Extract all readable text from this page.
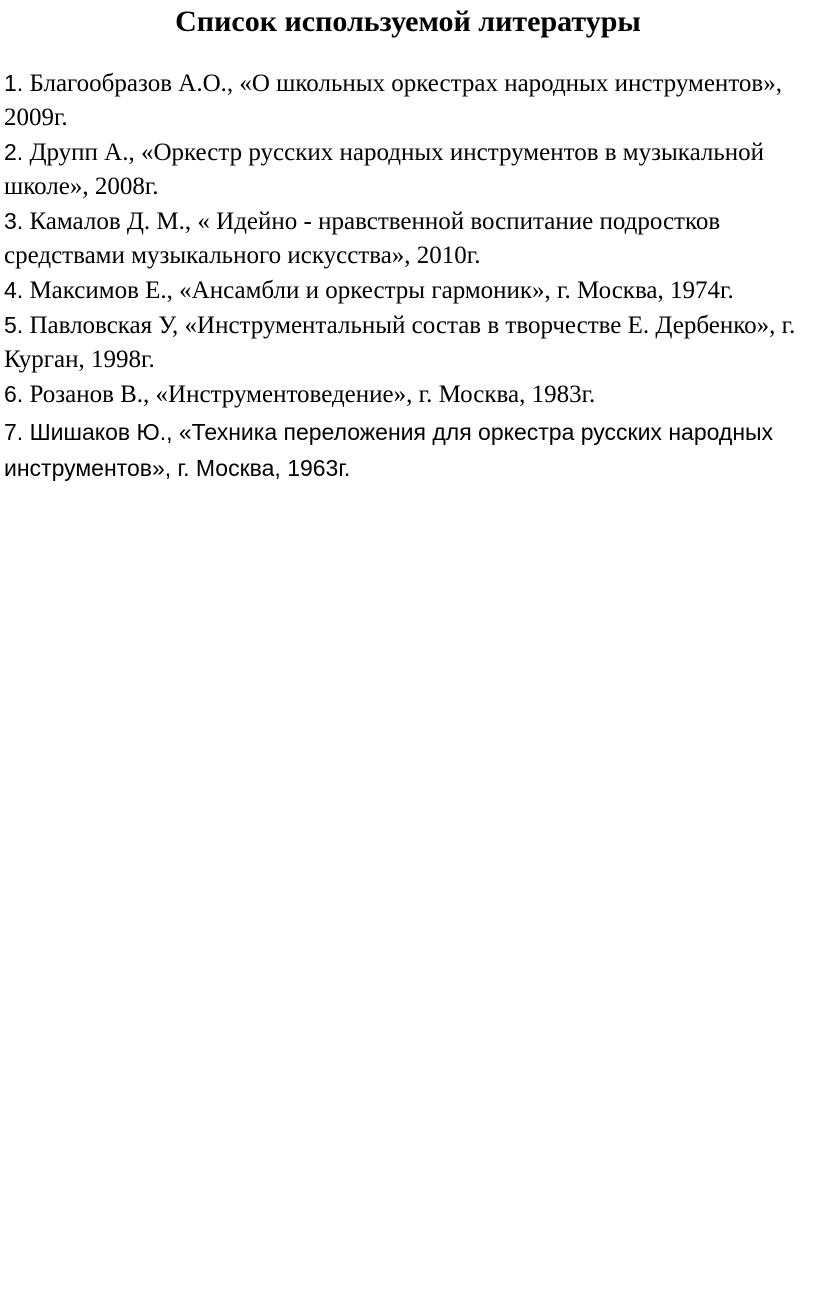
Список используемой литературы
1. Благообразов А.О., «О школьных оркестрах народных инструментов», 2009г.
2. Друпп А., «Оркестр русских народных инструментов в музыкальной школе», 2008г.
3. Камалов Д. М., « Идейно - нравственной воспитание подростков средствами музыкального искусства», 2010г.
4. Максимов Е., «Ансамбли и оркестры гармоник», г. Москва, 1974г.
5. Павловская У, «Инструментальный состав в творчестве Е. Дербенко», г. Курган, 1998г.
6. Розанов В., «Инструментоведение», г. Москва, 1983г.
7. Шишаков Ю., «Техника переложения для оркестра русских народных инструментов», г. Москва, 1963г.
